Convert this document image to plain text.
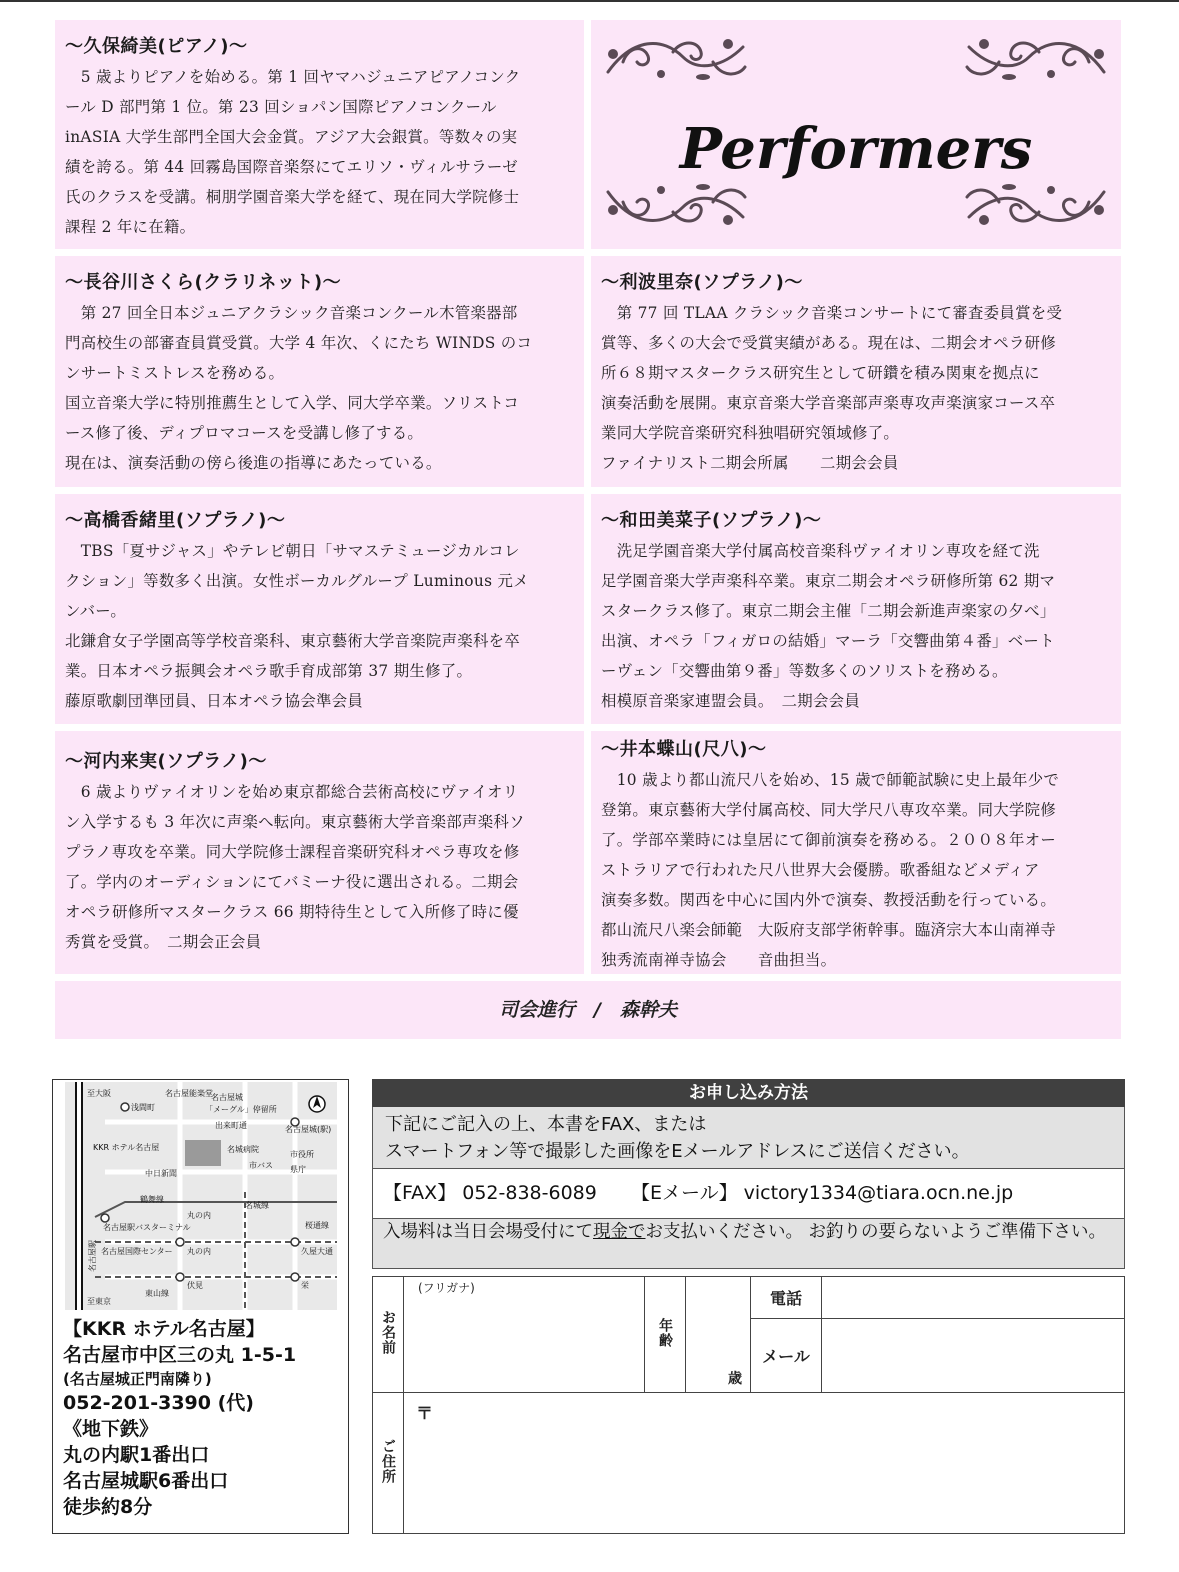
〜久保綺美(ピアノ)〜

　5 歳よりピアノを始める。第 1 回ヤマハジュニアピアノコンク
ール D 部門第 1 位。第 23 回ショパン国際ピアノコンクール
inASIA 大学生部門全国大会金賞。アジア大会銀賞。等数々の実
績を誇る。第 44 回霧島国際音楽祭にてエリソ・ヴィルサラーゼ
氏のクラスを受講。桐朋学園音楽大学を経て、現在同大学院修士
課程 2 年に在籍。

Performers
〜長谷川さくら(クラリネット)〜

　第 27 回全日本ジュニアクラシック音楽コンクール木管楽器部
門高校生の部審査員賞受賞。大学 4 年次、くにたち WINDS のコ
ンサートミストレスを務める。
国立音楽大学に特別推薦生として入学、同大学卒業。ソリストコ
ース修了後、ディプロマコースを受講し修了する。
現在は、演奏活動の傍ら後進の指導にあたっている。

〜利波里奈(ソプラノ)〜

　第 77 回 TLAA クラシック音楽コンサートにて審査委員賞を受
賞等、多くの大会で受賞実績がある。現在は、二期会オペラ研修
所６８期マスタークラス研究生として研鑽を積み関東を拠点に
演奏活動を展開。東京音楽大学音楽部声楽専攻声楽演家コース卒
業同大学院音楽研究科独唱研究領域修了。
ファイナリスト二期会所属　　二期会会員

〜高橋香緒里(ソプラノ)〜

　TBS「夏サジャス」やテレビ朝日「サマステミュージカルコレ
クション」等数多く出演。女性ボーカルグループ Luminous 元メ
ンバー。
北鎌倉女子学園高等学校音楽科、東京藝術大学音楽院声楽科を卒
業。日本オペラ振興会オペラ歌手育成部第 37 期生修了。
藤原歌劇団準団員、日本オペラ協会準会員

〜和田美菜子(ソプラノ)〜

　洗足学園音楽大学付属高校音楽科ヴァイオリン専攻を経て洗
足学園音楽大学声楽科卒業。東京二期会オペラ研修所第 62 期マ
スタークラス修了。東京二期会主催「二期会新進声楽家の夕べ」
出演、オペラ「フィガロの結婚」マーラ「交響曲第４番」ベート
ーヴェン「交響曲第９番」等数多くのソリストを務める。
相模原音楽家連盟会員。　二期会会員

〜河内来実(ソプラノ)〜

　6 歳よりヴァイオリンを始め東京都総合芸術高校にヴァイオリ
ン入学するも 3 年次に声楽へ転向。東京藝術大学音楽部声楽科ソ
プラノ専攻を卒業。同大学院修士課程音楽研究科オペラ専攻を修
了。学内のオーディションにてバミーナ役に選出される。二期会
オペラ研修所マスタークラス 66 期特待生として入所修了時に優
秀賞を受賞。　二期会正会員

〜井本蝶山(尺八)〜

　10 歳より都山流尺八を始め、15 歳で師範試験に史上最年少で
登第。東京藝術大学付属高校、同大学尺八専攻卒業。同大学院修
了。学部卒業時には皇居にて御前演奏を務める。２００８年オー
ストラリアで行われた尺八世界大会優勝。歌番組などメディア
演奏多数。関西を中心に国内外で演奏、教授活動を行っている。
都山流尺八楽会師範　大阪府支部学術幹事。臨済宗大本山南禅寺
独秀流南禅寺協会　　音曲担当。

司会進行　/　森幹夫
至大阪
浅間町
名古屋能楽堂
名古屋城
「メーグル」停留所
出来町通	名古屋城(駅)
KKR ホテル名古屋	名城病院
市役所
県庁
中日新聞
市バス
鶴舞線
名城線
名古屋駅
丸の内
名古屋駅バスターミナル	桜通線
名古屋国際センター 丸の内	久屋大通
伏見	栄
東山線
至東京
【KKR ホテル名古屋】
名古屋市中区三の丸 1-5-1
(名古屋城正門南隣り)
052-201-3390 (代)
《地下鉄》
丸の内駅1番出口
名古屋城駅6番出口
徒歩約8分
お申し込み方法
下記にご記入の上、本書をFAX、または
スマートフォン等で撮影した画像をEメールアドレスにご送信ください。
【FAX】 052-838-6089 【Eメール】 victory1334@tiara.ocn.ne.jp
入場料は当日会場受付にて現金でお支払いください。 お釣りの要らないようご準備下さい。
お名前	(フリガナ)	年齢	歳	電話	
				メール	
ご住所	〒				
